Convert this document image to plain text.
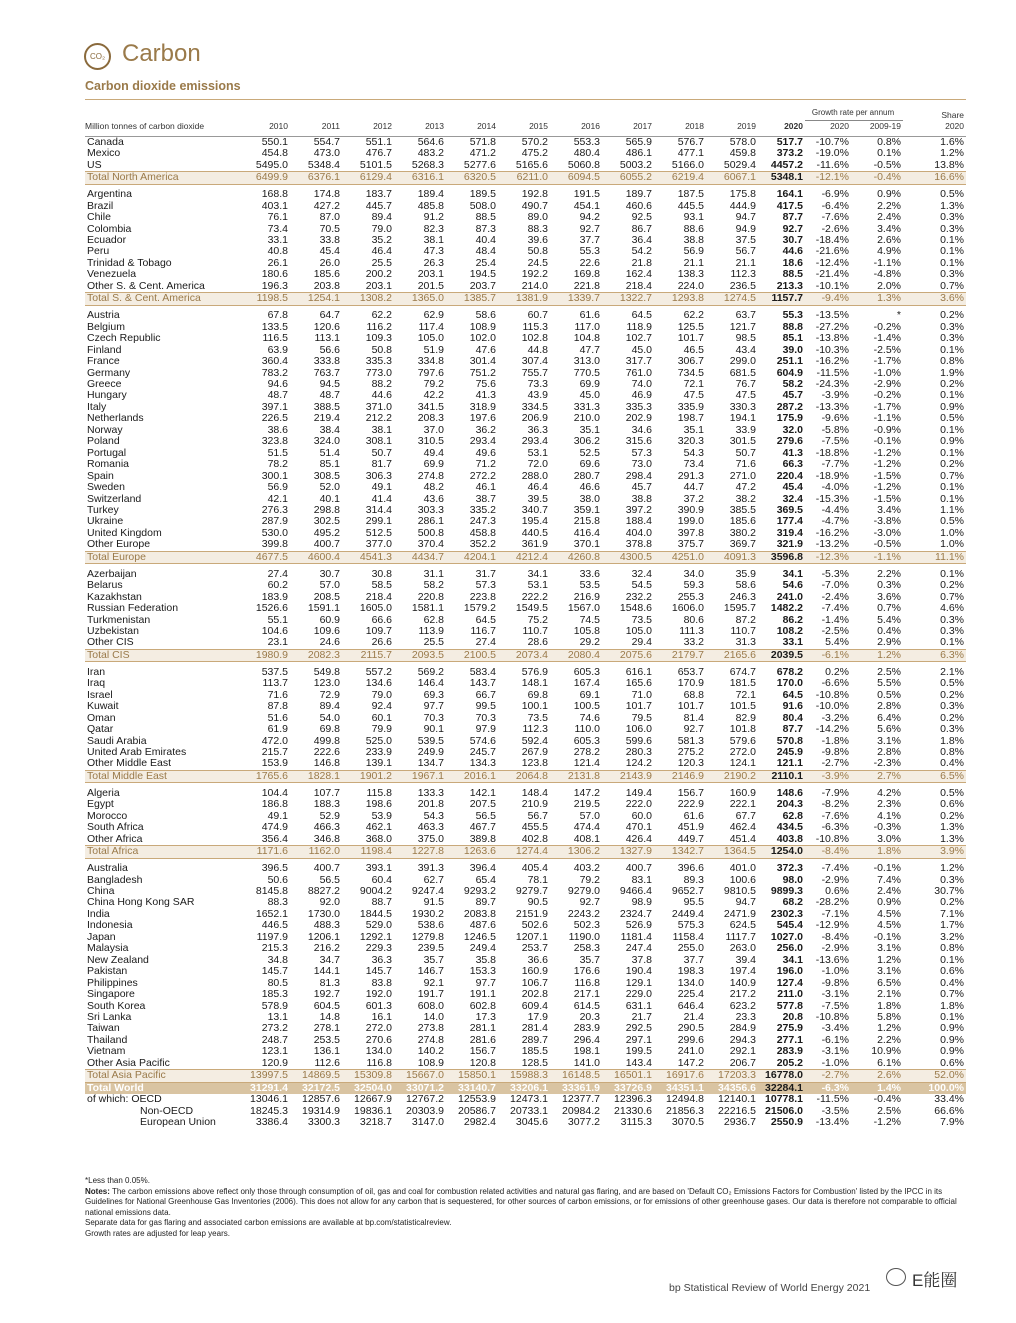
CO₂ Carbon
Carbon dioxide emissions
												Growth rate per annum		Share
Million tonnes of carbon dioxide	2010	2011	2012	2013	2014	2015	2016	2017	2018	2019	2020	2020	2009-19	2020
Canada	550.1	554.7	551.1	564.6	571.8	570.2	553.3	565.9	576.7	578.0	517.7	-10.7%	0.8%	1.6%
Mexico	454.8	473.0	476.7	483.2	471.2	475.2	480.4	486.1	477.1	459.8	373.2	-19.0%	0.1%	1.2%
US	5495.0	5348.4	5101.5	5268.3	5277.6	5165.6	5060.8	5003.2	5166.0	5029.4	4457.2	-11.6%	-0.5%	13.8%
Total North America	6499.9	6376.1	6129.4	6316.1	6320.5	6211.0	6094.5	6055.2	6219.4	6067.1	5348.1	-12.1%	-0.4%	16.6%

Argentina	168.8	174.8	183.7	189.4	189.5	192.8	191.5	189.7	187.5	175.8	164.1	-6.9%	0.9%	0.5%
Brazil	403.1	427.2	445.7	485.8	508.0	490.7	454.1	460.6	445.5	444.9	417.5	-6.4%	2.2%	1.3%
Chile	76.1	87.0	89.4	91.2	88.5	89.0	94.2	92.5	93.1	94.7	87.7	-7.6%	2.4%	0.3%
Colombia	73.4	70.5	79.0	82.3	87.3	88.3	92.7	86.7	88.6	94.9	92.7	-2.6%	3.4%	0.3%
Ecuador	33.1	33.8	35.2	38.1	40.4	39.6	37.7	36.4	38.8	37.5	30.7	-18.4%	2.6%	0.1%
Peru	40.8	45.4	46.4	47.3	48.4	50.8	55.3	54.2	56.9	56.7	44.6	-21.6%	4.9%	0.1%
Trinidad & Tobago	26.1	26.0	25.5	26.3	25.4	24.5	22.6	21.8	21.1	21.1	18.6	-12.4%	-1.1%	0.1%
Venezuela	180.6	185.6	200.2	203.1	194.5	192.2	169.8	162.4	138.3	112.3	88.5	-21.4%	-4.8%	0.3%
Other S. & Cent. America	196.3	203.8	203.1	201.5	203.7	214.0	221.8	218.4	224.0	236.5	213.3	-10.1%	2.0%	0.7%
Total S. & Cent. America	1198.5	1254.1	1308.2	1365.0	1385.7	1381.9	1339.7	1322.7	1293.8	1274.5	1157.7	-9.4%	1.3%	3.6%

Austria	67.8	64.7	62.2	62.9	58.6	60.7	61.6	64.5	62.2	63.7	55.3	-13.5%	*	0.2%
Belgium	133.5	120.6	116.2	117.4	108.9	115.3	117.0	118.9	125.5	121.7	88.8	-27.2%	-0.2%	0.3%
Czech Republic	116.5	113.1	109.3	105.0	102.0	102.8	104.8	102.7	101.7	98.5	85.1	-13.8%	-1.4%	0.3%
Finland	63.9	56.6	50.8	51.9	47.6	44.8	47.7	45.0	46.5	43.4	39.0	-10.3%	-2.5%	0.1%
France	360.4	333.8	335.3	334.8	301.4	307.4	313.0	317.7	306.7	299.0	251.1	-16.2%	-1.7%	0.8%
Germany	783.2	763.7	773.0	797.6	751.2	755.7	770.5	761.0	734.5	681.5	604.9	-11.5%	-1.0%	1.9%
Greece	94.6	94.5	88.2	79.2	75.6	73.3	69.9	74.0	72.1	76.7	58.2	-24.3%	-2.9%	0.2%
Hungary	48.7	48.7	44.6	42.2	41.3	43.9	45.0	46.9	47.5	47.5	45.7	-3.9%	-0.2%	0.1%
Italy	397.1	388.5	371.0	341.5	318.9	334.5	331.3	335.3	335.9	330.3	287.2	-13.3%	-1.7%	0.9%
Netherlands	226.5	219.4	212.2	208.3	197.6	206.9	210.0	202.9	198.7	194.1	175.9	-9.6%	-1.1%	0.5%
Norway	38.6	38.4	38.1	37.0	36.2	36.3	35.1	34.6	35.1	33.9	32.0	-5.8%	-0.9%	0.1%
Poland	323.8	324.0	308.1	310.5	293.4	293.4	306.2	315.6	320.3	301.5	279.6	-7.5%	-0.1%	0.9%
Portugal	51.5	51.4	50.7	49.4	49.6	53.1	52.5	57.3	54.3	50.7	41.3	-18.8%	-1.2%	0.1%
Romania	78.2	85.1	81.7	69.9	71.2	72.0	69.6	73.0	73.4	71.6	66.3	-7.7%	-1.2%	0.2%
Spain	300.1	308.5	306.3	274.8	272.2	288.0	280.7	298.4	291.3	271.0	220.4	-18.9%	-1.5%	0.7%
Sweden	56.9	52.0	49.1	48.2	46.1	46.4	46.6	45.7	44.7	47.2	45.4	-4.0%	-1.2%	0.1%
Switzerland	42.1	40.1	41.4	43.6	38.7	39.5	38.0	38.8	37.2	38.2	32.4	-15.3%	-1.5%	0.1%
Turkey	276.3	298.8	314.4	303.3	335.2	340.7	359.1	397.2	390.9	385.5	369.5	-4.4%	3.4%	1.1%
Ukraine	287.9	302.5	299.1	286.1	247.3	195.4	215.8	188.4	199.0	185.6	177.4	-4.7%	-3.8%	0.5%
United Kingdom	530.0	495.2	512.5	500.8	458.8	440.5	416.4	404.0	397.8	380.2	319.4	-16.2%	-3.0%	1.0%
Other Europe	399.8	400.7	377.0	370.4	352.2	361.9	370.1	378.8	375.7	369.7	321.9	-13.2%	-0.5%	1.0%
Total Europe	4677.5	4600.4	4541.3	4434.7	4204.1	4212.4	4260.8	4300.5	4251.0	4091.3	3596.8	-12.3%	-1.1%	11.1%

Azerbaijan	27.4	30.7	30.8	31.1	31.7	34.1	33.6	32.4	34.0	35.9	34.1	-5.3%	2.2%	0.1%
Belarus	60.2	57.0	58.5	58.2	57.3	53.1	53.5	54.5	59.3	58.6	54.6	-7.0%	0.3%	0.2%
Kazakhstan	183.9	208.5	218.4	220.8	223.8	222.2	216.9	232.2	255.3	246.3	241.0	-2.4%	3.6%	0.7%
Russian Federation	1526.6	1591.1	1605.0	1581.1	1579.2	1549.5	1567.0	1548.6	1606.0	1595.7	1482.2	-7.4%	0.7%	4.6%
Turkmenistan	55.1	60.9	66.6	62.8	64.5	75.2	74.5	73.5	80.6	87.2	86.2	-1.4%	5.4%	0.3%
Uzbekistan	104.6	109.6	109.7	113.9	116.7	110.7	105.8	105.0	111.3	110.7	108.2	-2.5%	0.4%	0.3%
Other CIS	23.1	24.6	26.6	25.5	27.4	28.6	29.2	29.4	33.2	31.3	33.1	5.4%	2.9%	0.1%
Total CIS	1980.9	2082.3	2115.7	2093.5	2100.5	2073.4	2080.4	2075.6	2179.7	2165.6	2039.5	-6.1%	1.2%	6.3%

Iran	537.5	549.8	557.2	569.2	583.4	576.9	605.3	616.1	653.7	674.7	678.2	0.2%	2.5%	2.1%
Iraq	113.7	123.0	134.6	146.4	143.7	148.1	167.4	165.6	170.9	181.5	170.0	-6.6%	5.5%	0.5%
Israel	71.6	72.9	79.0	69.3	66.7	69.8	69.1	71.0	68.8	72.1	64.5	-10.8%	0.5%	0.2%
Kuwait	87.8	89.4	92.4	97.7	99.5	100.1	100.5	101.7	101.7	101.5	91.6	-10.0%	2.8%	0.3%
Oman	51.6	54.0	60.1	70.3	70.3	73.5	74.6	79.5	81.4	82.9	80.4	-3.2%	6.4%	0.2%
Qatar	61.9	69.8	79.9	90.1	97.9	112.3	110.0	106.0	92.7	101.8	87.7	-14.2%	5.6%	0.3%
Saudi Arabia	472.0	499.8	525.0	539.5	574.6	592.4	605.3	599.6	581.3	579.6	570.8	-1.8%	3.1%	1.8%
United Arab Emirates	215.7	222.6	233.9	249.9	245.7	267.9	278.2	280.3	275.2	272.0	245.9	-9.8%	2.8%	0.8%
Other Middle East	153.9	146.8	139.1	134.7	134.3	123.8	121.4	124.2	120.3	124.1	121.1	-2.7%	-2.3%	0.4%
Total Middle East	1765.6	1828.1	1901.2	1967.1	2016.1	2064.8	2131.8	2143.9	2146.9	2190.2	2110.1	-3.9%	2.7%	6.5%

Algeria	104.4	107.7	115.8	133.3	142.1	148.4	147.2	149.4	156.7	160.9	148.6	-7.9%	4.2%	0.5%
Egypt	186.8	188.3	198.6	201.8	207.5	210.9	219.5	222.0	222.9	222.1	204.3	-8.2%	2.3%	0.6%
Morocco	49.1	52.9	53.9	54.3	56.5	56.7	57.0	60.0	61.6	67.7	62.8	-7.6%	4.1%	0.2%
South Africa	474.9	466.3	462.1	463.3	467.7	455.5	474.4	470.1	451.9	462.4	434.5	-6.3%	-0.3%	1.3%
Other Africa	356.4	346.8	368.0	375.0	389.8	402.8	408.1	426.4	449.7	451.4	403.8	-10.8%	3.0%	1.3%
Total Africa	1171.6	1162.0	1198.4	1227.8	1263.6	1274.4	1306.2	1327.9	1342.7	1364.5	1254.0	-8.4%	1.8%	3.9%

Australia	396.5	400.7	393.1	391.3	396.4	405.4	403.2	400.7	396.6	401.0	372.3	-7.4%	-0.1%	1.2%
Bangladesh	50.6	56.5	60.4	62.7	65.4	78.1	79.2	83.1	89.3	100.6	98.0	-2.9%	7.4%	0.3%
China	8145.8	8827.2	9004.2	9247.4	9293.2	9279.7	9279.0	9466.4	9652.7	9810.5	9899.3	0.6%	2.4%	30.7%
China Hong Kong SAR	88.3	92.0	88.7	91.5	89.7	90.5	92.7	98.9	95.5	94.7	68.2	-28.2%	0.9%	0.2%
India	1652.1	1730.0	1844.5	1930.2	2083.8	2151.9	2243.2	2324.7	2449.4	2471.9	2302.3	-7.1%	4.5%	7.1%
Indonesia	446.5	488.3	529.0	538.6	487.6	502.6	502.3	526.9	575.3	624.5	545.4	-12.9%	4.5%	1.7%
Japan	1197.9	1206.1	1292.1	1279.8	1246.5	1207.1	1190.0	1181.4	1158.4	1117.7	1027.0	-8.4%	-0.1%	3.2%
Malaysia	215.3	216.2	229.3	239.5	249.4	253.7	258.3	247.4	255.0	263.0	256.0	-2.9%	3.1%	0.8%
New Zealand	34.8	34.7	36.3	35.7	35.8	36.6	35.7	37.8	37.7	39.4	34.1	-13.6%	1.2%	0.1%
Pakistan	145.7	144.1	145.7	146.7	153.3	160.9	176.6	190.4	198.3	197.4	196.0	-1.0%	3.1%	0.6%
Philippines	80.5	81.3	83.8	92.1	97.7	106.7	116.8	129.1	134.0	140.9	127.4	-9.8%	6.5%	0.4%
Singapore	185.3	192.7	192.0	191.7	191.1	202.8	217.1	229.0	225.4	217.2	211.0	-3.1%	2.1%	0.7%
South Korea	578.9	604.5	601.3	608.0	602.8	609.4	614.5	631.1	646.4	623.2	577.8	-7.5%	1.8%	1.8%
Sri Lanka	13.1	14.8	16.1	14.0	17.3	17.9	20.3	21.7	21.4	23.3	20.8	-10.8%	5.8%	0.1%
Taiwan	273.2	278.1	272.0	273.8	281.1	281.4	283.9	292.5	290.5	284.9	275.9	-3.4%	1.2%	0.9%
Thailand	248.7	253.5	270.6	274.8	281.6	289.7	296.4	297.1	299.6	294.3	277.1	-6.1%	2.2%	0.9%
Vietnam	123.1	136.1	134.0	140.2	156.7	185.5	198.1	199.5	241.0	292.1	283.9	-3.1%	10.9%	0.9%
Other Asia Pacific	120.9	112.6	116.8	108.9	120.8	128.5	141.0	143.4	147.2	206.7	205.2	-1.0%	6.1%	0.6%
Total Asia Pacific	13997.5	14869.5	15309.8	15667.0	15850.1	15988.3	16148.5	16501.1	16917.6	17203.3	16778.0	-2.7%	2.6%	52.0%
Total World	31291.4	32172.5	32504.0	33071.2	33140.7	33206.1	33361.9	33726.9	34351.1	34356.6	32284.1	-6.3%	1.4%	100.0%
of which: OECD	13046.1	12857.6	12667.9	12767.2	12553.9	12473.1	12377.7	12396.3	12494.8	12140.1	10778.1	-11.5%	-0.4%	33.4%
Non-OECD	18245.3	19314.9	19836.1	20303.9	20586.7	20733.1	20984.2	21330.6	21856.3	22216.5	21506.0	-3.5%	2.5%	66.6%
European Union	3386.4	3300.3	3218.7	3147.0	2982.4	3045.6	3077.2	3115.3	3070.5	2936.7	2550.9	-13.4%	-1.2%	7.9%
*Less than 0.05%.
Notes: The carbon emissions above reflect only those through consumption of oil, gas and coal for combustion related activities and natural gas flaring, and are based on 'Default CO₂ Emissions Factors for Combustion' listed by the IPCC in its Guidelines for National Greenhouse Gas Inventories (2006). This does not allow for any carbon that is sequestered, for other sources of carbon emissions, or for emissions of other greenhouse gases. Our data is therefore not comparable to official national emissions data.
Separate data for gas flaring and associated carbon emissions are available at bp.com/statisticalreview.
Growth rates are adjusted for leap years.
bp Statistical Review of World Energy 2021	E能圈
